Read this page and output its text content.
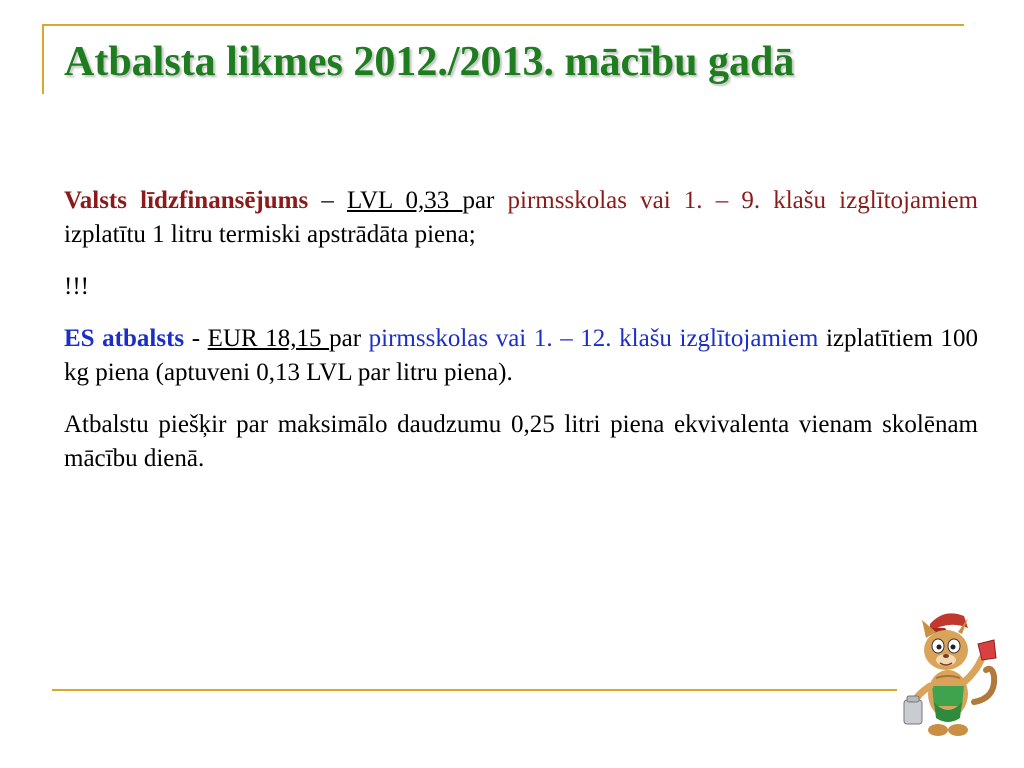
Atbalsta likmes 2012./2013. mācību gadā

Valsts līdzfinansējums – LVL 0,33 par pirmsskolas vai 1. – 9. klašu izglītojamiem izplatītu 1 litru termiski apstrādāta piena;

!!!

ES atbalsts - EUR 18,15 par pirmsskolas vai 1. – 12. klašu izglītojamiem izplatītiem 100 kg piena (aptuveni 0,13 LVL par litru piena).

Atbalstu piešķir par maksimālo daudzumu 0,25 litri piena ekvivalenta vienam skolēnam mācību dienā.
